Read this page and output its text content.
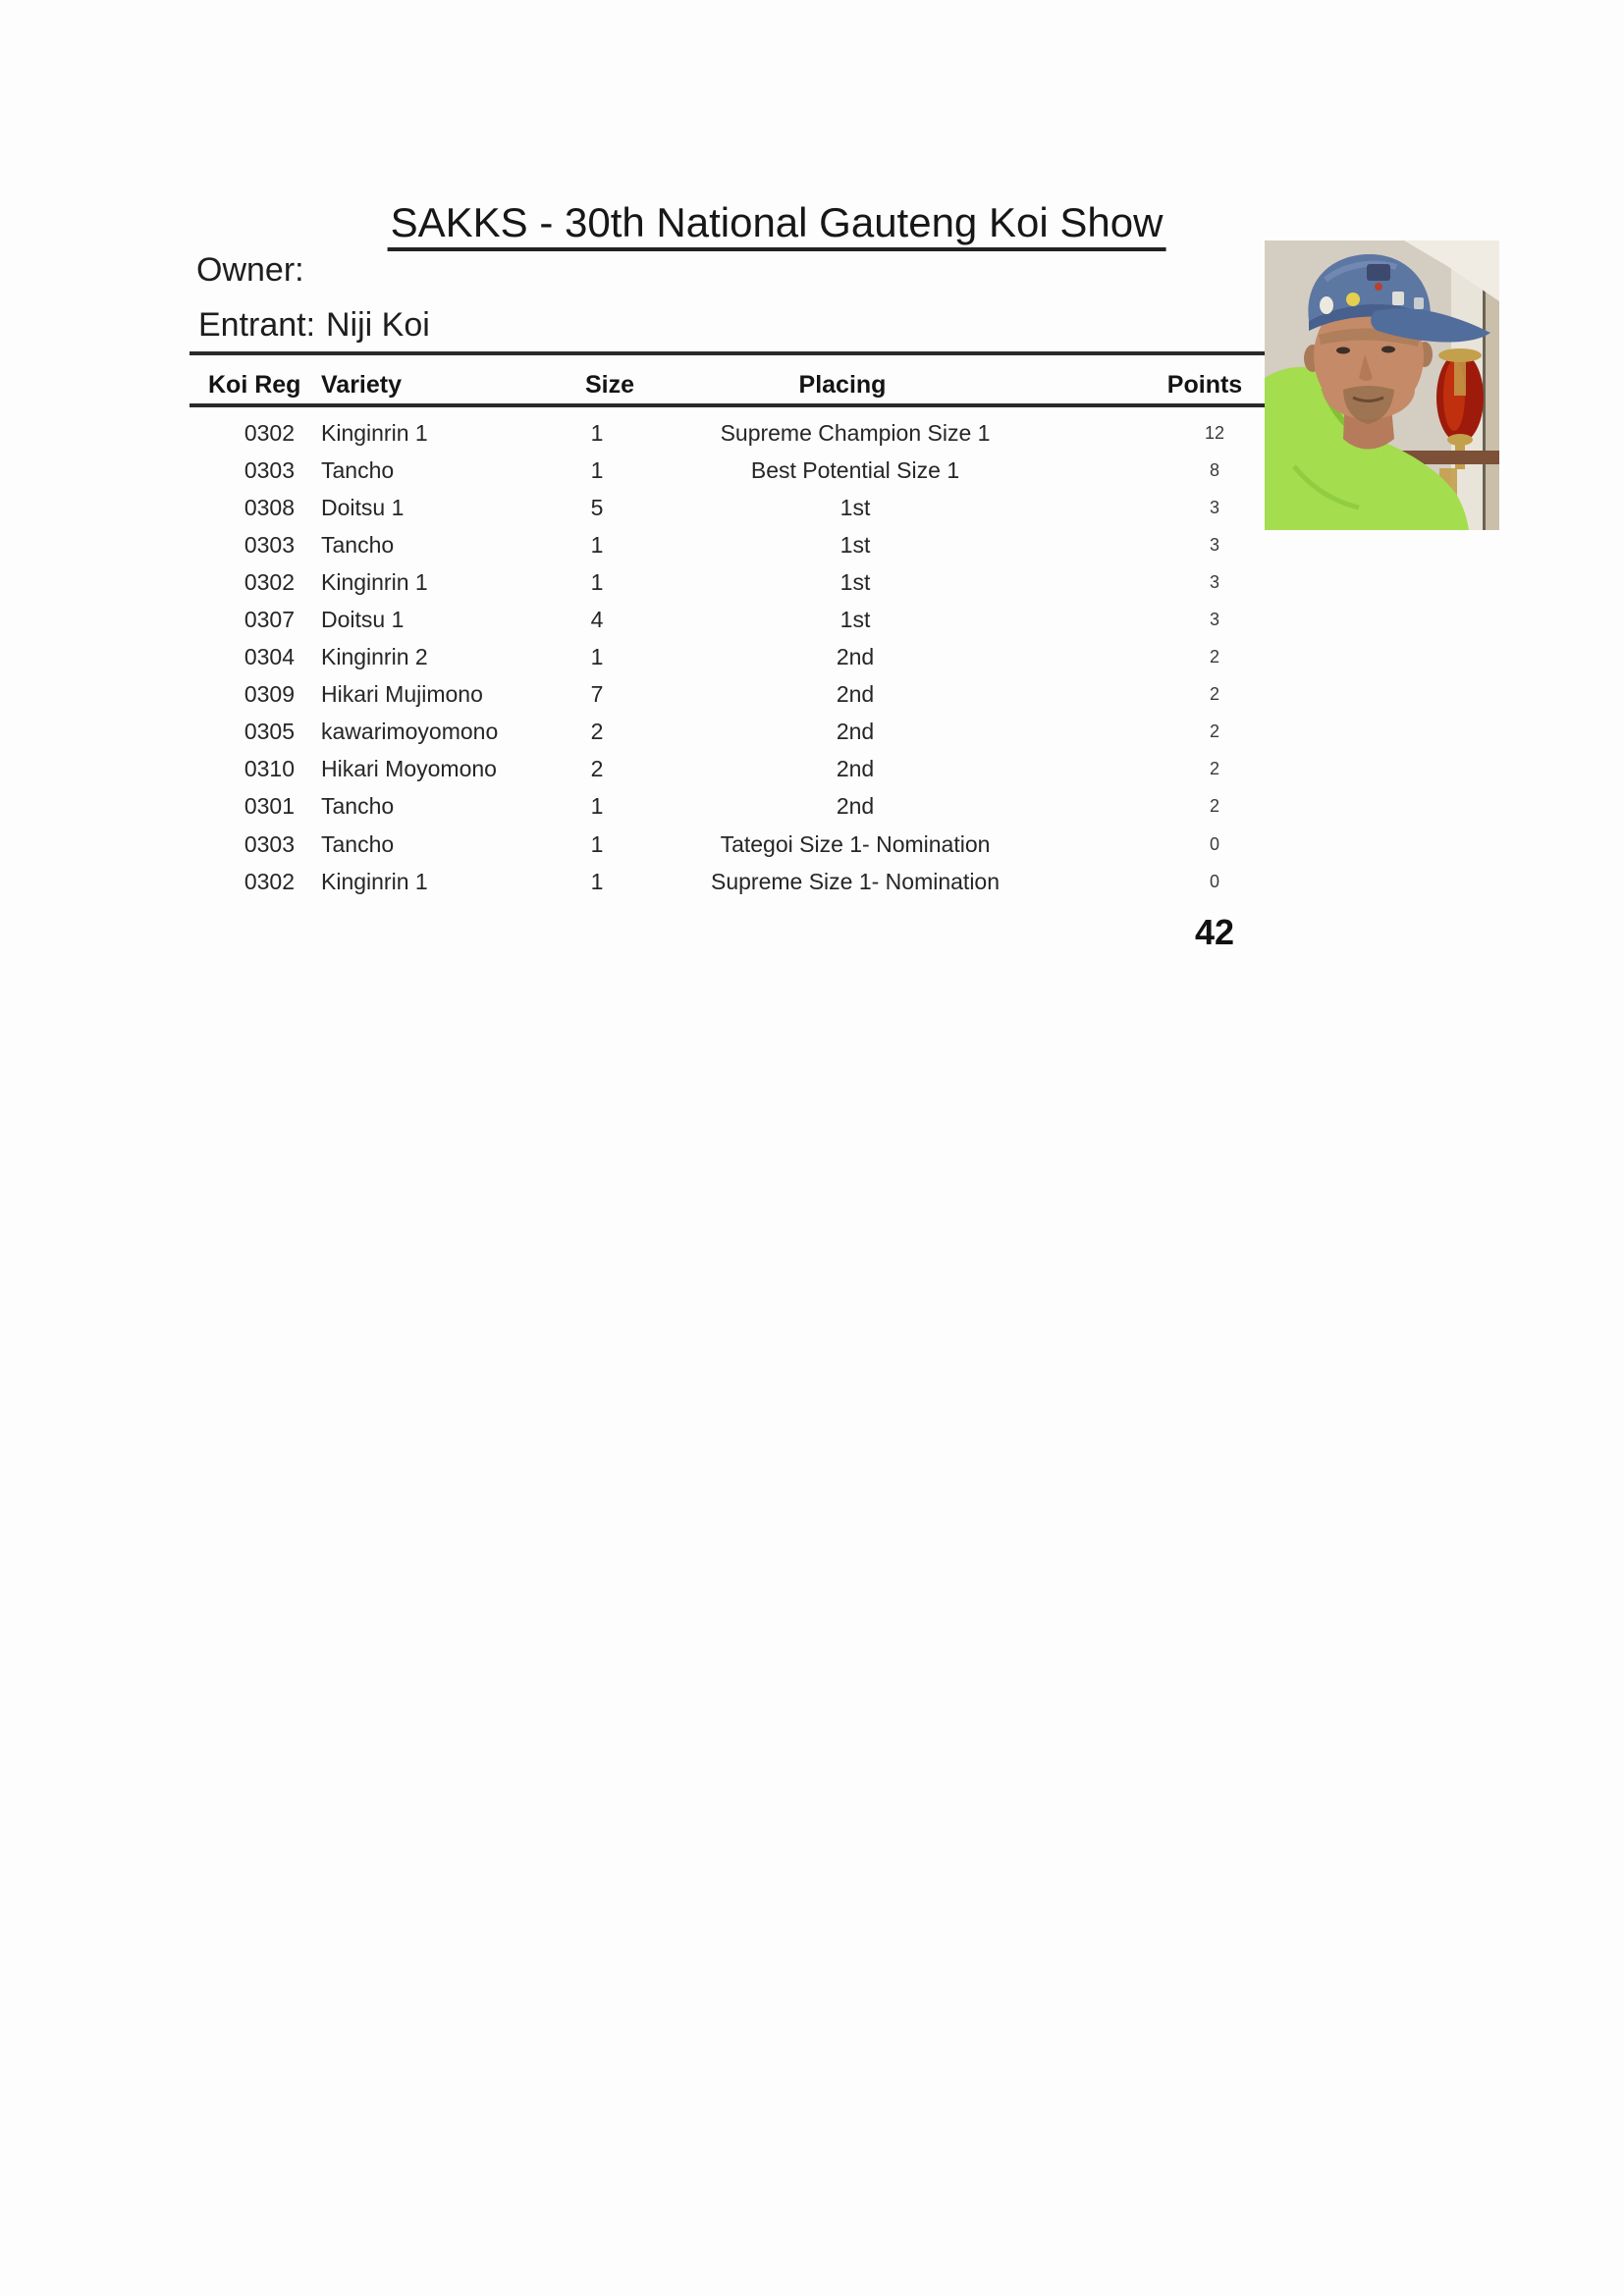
SAKKS - 30th National Gauteng Koi Show
Owner:
Entrant: Niji Koi
Koi Reg Variety	Size	Placing	Points
0302 Kinginrin 1	1	Supreme Champion Size 1	12
0303 Tancho	1	Best Potential Size 1	8
0308 Doitsu 1	5	1st	3
0303 Tancho	1	1st	3
0302 Kinginrin 1	1	1st	3
0307 Doitsu 1	4	1st	3
0304 Kinginrin 2	1	2nd	2
0309 Hikari Mujimono	7	2nd	2
0305 kawarimoyomono	2	2nd	2
0310 Hikari Moyomono	2	2nd	2
0301 Tancho	1	2nd	2
0303 Tancho	1	Tategoi Size 1- Nomination	0
0302 Kinginrin 1	1	Supreme Size 1- Nomination	0
42
